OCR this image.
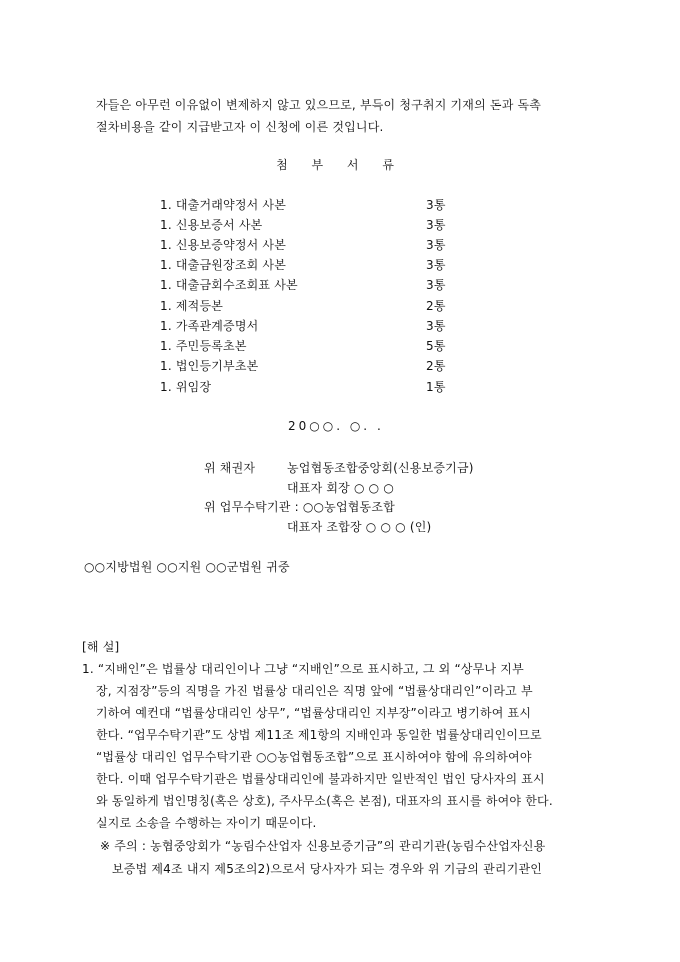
자들은 아무런 이유없이 변제하지 않고 있으므로, 부득이 청구취지 기재의 돈과 독촉
절차비용을 같이 지급받고자 이 신청에 이른 것입니다.
첨 부 서 류
1. 대출거래약정서 사본	3통
1. 신용보증서 사본	3통
1. 신용보증약정서 사본	3통
1. 대출금원장조회 사본	3통
1. 대출금회수조회표 사본	3통
1. 제적등본	2통
1. 가족관계증명서	3통
1. 주민등록초본	5통
1. 법인등기부초본	2통
1. 위임장	1통
20○○. ○. .
위 채권자	농업협동조합중앙회(신용보증기금)
대표자 회장 ○ ○ ○
위 업무수탁기관 : ○○농업협동조합
대표자 조합장 ○ ○ ○ (인)
○○지방법원 ○○지원 ○○군법원 귀중
[해 설]
1. “지배인”은 법률상 대리인이나 그냥 “지배인”으로 표시하고, 그 외 “상무나 지부
장, 지점장”등의 직명을 가진 법률상 대리인은 직명 앞에 “법률상대리인”이라고 부
기하여 예컨대 “법률상대리인 상무”, “법률상대리인 지부장”이라고 병기하여 표시
한다. “업무수탁기관”도 상법 제11조 제1항의 지배인과 동일한 법률상대리인이므로
“법률상 대리인 업무수탁기관 ○○농업협동조합”으로 표시하여야 함에 유의하여야
한다. 이때 업무수탁기관은 법률상대리인에 불과하지만 일반적인 법인 당사자의 표시
와 동일하게 법인명칭(혹은 상호), 주사무소(혹은 본점), 대표자의 표시를 하여야 한다.
실지로 소송을 수행하는 자이기 때문이다.
※ 주의 : 농협중앙회가 “농림수산업자 신용보증기금”의 관리기관(농림수산업자신용
보증법 제4조 내지 제5조의2)으로서 당사자가 되는 경우와 위 기금의 관리기관인
